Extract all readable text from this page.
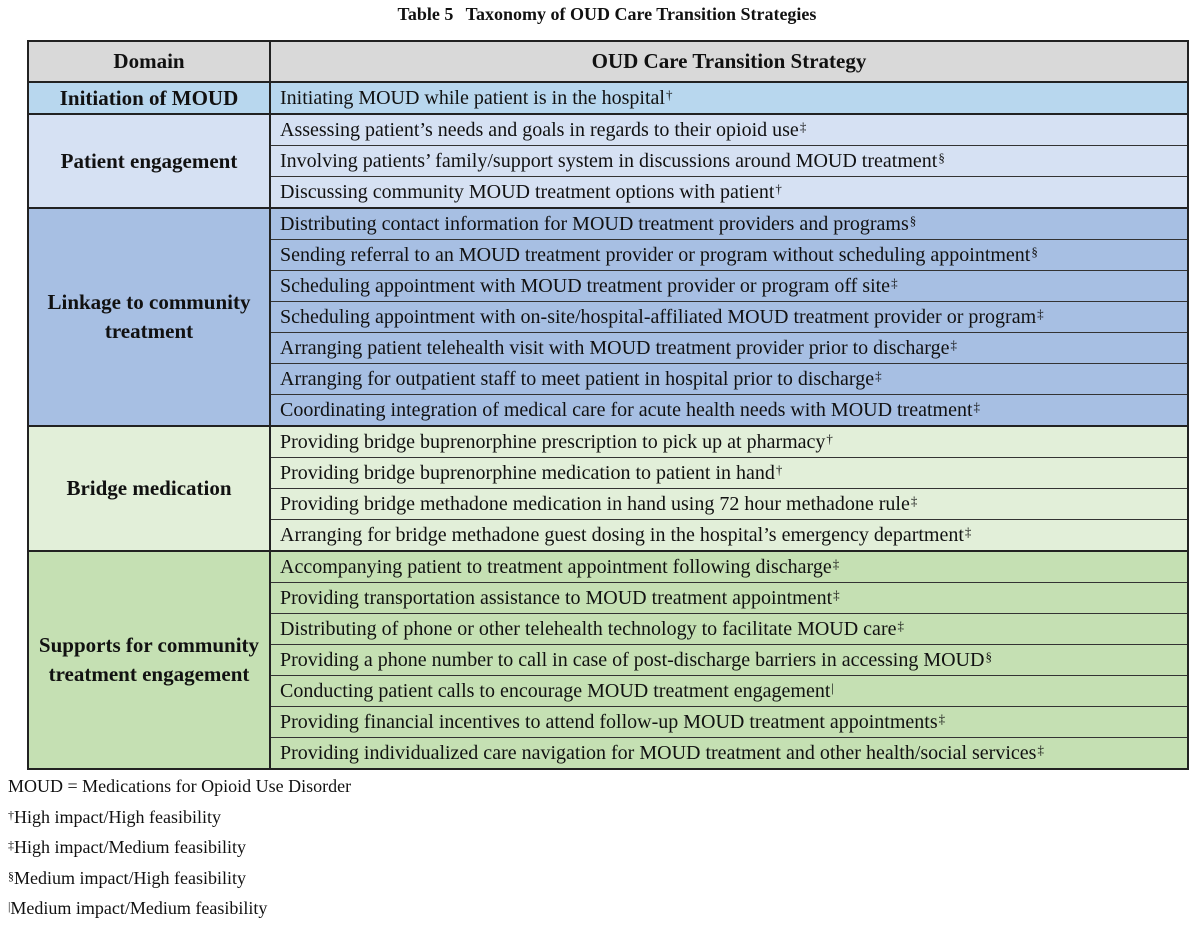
Table 5 Taxonomy of OUD Care Transition Strategies
Domain	OUD Care Transition Strategy
Initiation of MOUD	Initiating MOUD while patient is in the hospital†
Patient engagement	Assessing patient’s needs and goals in regards to their opioid use‡
	Involving patients’ family/support system in discussions around MOUD treatment§
	Discussing community MOUD treatment options with patient†
Linkage to community treatment	Distributing contact information for MOUD treatment providers and programs§
	Sending referral to an MOUD treatment provider or program without scheduling appointment§
	Scheduling appointment with MOUD treatment provider or program off site‡
	Scheduling appointment with on-site/hospital-affiliated MOUD treatment provider or program‡
	Arranging patient telehealth visit with MOUD treatment provider prior to discharge‡
	Arranging for outpatient staff to meet patient in hospital prior to discharge‡
	Coordinating integration of medical care for acute health needs with MOUD treatment‡
Bridge medication	Providing bridge buprenorphine prescription to pick up at pharmacy†
	Providing bridge buprenorphine medication to patient in hand†
	Providing bridge methadone medication in hand using 72 hour methadone rule‡
	Arranging for bridge methadone guest dosing in the hospital’s emergency department‡
Supports for community treatment engagement	Accompanying patient to treatment appointment following discharge‡
	Providing transportation assistance to MOUD treatment appointment‡
	Distributing of phone or other telehealth technology to facilitate MOUD care‡
	Providing a phone number to call in case of post-discharge barriers in accessing MOUD§
	Conducting patient calls to encourage MOUD treatment engagement|
	Providing financial incentives to attend follow-up MOUD treatment appointments‡
	Providing individualized care navigation for MOUD treatment and other health/social services‡
MOUD = Medications for Opioid Use Disorder
†High impact/High feasibility
‡High impact/Medium feasibility
§Medium impact/High feasibility
|Medium impact/Medium feasibility
